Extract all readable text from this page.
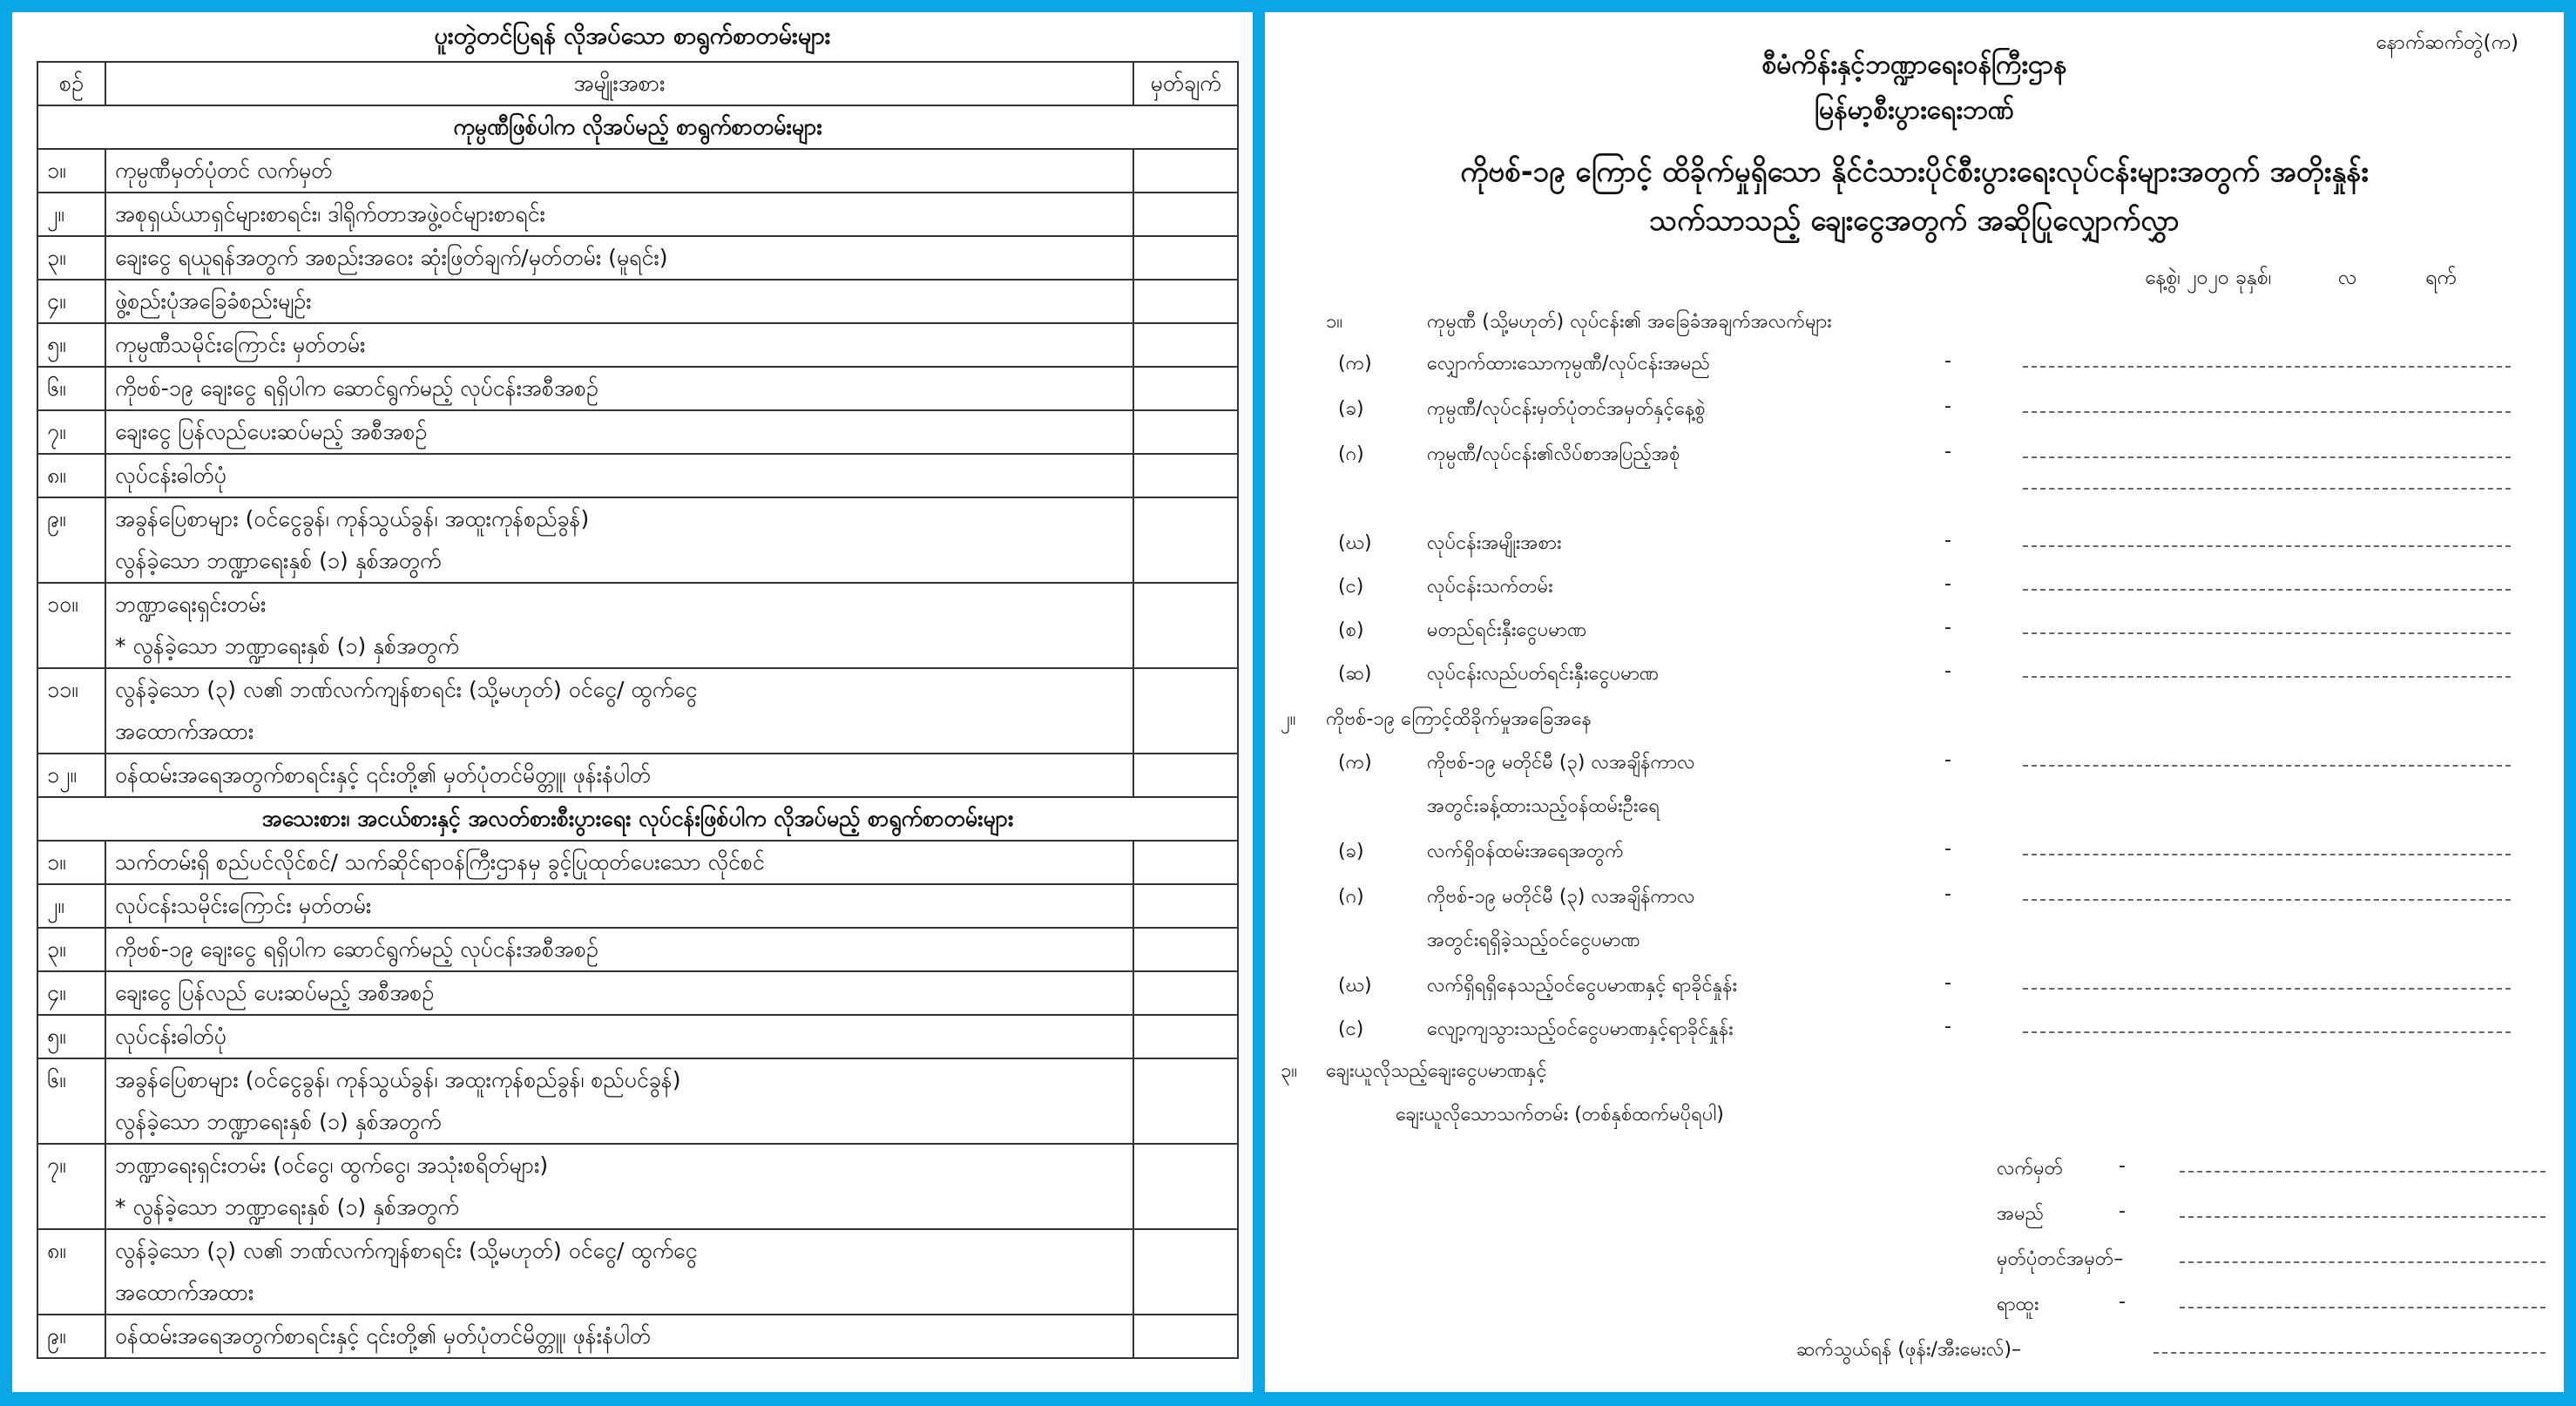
ပူးတွဲတင်ပြရန် လိုအပ်သော စာရွက်စာတမ်းများ
စဉ်	အမျိုးအစား	မှတ်ချက်
ကုမ္ပဏီဖြစ်ပါက လိုအပ်မည့် စာရွက်စာတမ်းများ		
၁။	ကုမ္ပဏီမှတ်ပုံတင် လက်မှတ်	

၂။	အစုရှယ်ယာရှင်များစာရင်း၊ ဒါရိုက်တာအဖွဲ့ဝင်များစာရင်း	

၃။	ချေးငွေ ရယူရန်အတွက် အစည်းအဝေး ဆုံးဖြတ်ချက်/မှတ်တမ်း (မူရင်း)	

၄။	ဖွဲ့စည်းပုံအခြေခံစည်းမျဉ်း	

၅။	ကုမ္ပဏီသမိုင်းကြောင်း မှတ်တမ်း	

၆။	ကိုဗစ်-၁၉ ချေးငွေ ရရှိပါက ဆောင်ရွက်မည့် လုပ်ငန်းအစီအစဉ်	

၇။	ချေးငွေ ပြန်လည်ပေးဆပ်မည့် အစီအစဉ်	

၈။	လုပ်ငန်းဓါတ်ပုံ	

၉။	အခွန်ပြေစာများ (ဝင်ငွေခွန်၊ ကုန်သွယ်ခွန်၊ အထူးကုန်စည်ခွန်)
လွန်ခဲ့သော ဘဏ္ဍာရေးနှစ် (၁) နှစ်အတွက်	

၁၀။	ဘဏ္ဍာရေးရှင်းတမ်း
* လွန်ခဲ့သော ဘဏ္ဍာရေးနှစ် (၁) နှစ်အတွက်	

၁၁။	လွန်ခဲ့သော (၃) လ၏ ဘဏ်လက်ကျန်စာရင်း (သို့မဟုတ်) ဝင်ငွေ/ ထွက်ငွေ
အထောက်အထား	

၁၂။	ဝန်ထမ်းအရေအတွက်စာရင်းနှင့် ၎င်းတို့၏ မှတ်ပုံတင်မိတ္တူ၊ ဖုန်းနံပါတ်	

အသေးစား၊ အငယ်စားနှင့် အလတ်စားစီးပွားရေး လုပ်ငန်းဖြစ်ပါက လိုအပ်မည့် စာရွက်စာတမ်းများ		
၁။	သက်တမ်းရှိ စည်ပင်လိုင်စင်/ သက်ဆိုင်ရာဝန်ကြီးဌာနမှ ခွင့်ပြုထုတ်ပေးသော လိုင်စင်	

၂။	လုပ်ငန်းသမိုင်းကြောင်း မှတ်တမ်း	

၃။	ကိုဗစ်-၁၉ ချေးငွေ ရရှိပါက ဆောင်ရွက်မည့် လုပ်ငန်းအစီအစဉ်	

၄။	ချေးငွေ ပြန်လည် ပေးဆပ်မည့် အစီအစဉ်	

၅။	လုပ်ငန်းဓါတ်ပုံ	

၆။	အခွန်ပြေစာများ (ဝင်ငွေခွန်၊ ကုန်သွယ်ခွန်၊ အထူးကုန်စည်ခွန်၊ စည်ပင်ခွန်)
လွန်ခဲ့သော ဘဏ္ဍာရေးနှစ် (၁) နှစ်အတွက်	

၇။	ဘဏ္ဍာရေးရှင်းတမ်း (ဝင်ငွေ၊ ထွက်ငွေ၊ အသုံးစရိတ်များ)
* လွန်ခဲ့သော ဘဏ္ဍာရေးနှစ် (၁) နှစ်အတွက်	

၈။	လွန်ခဲ့သော (၃) လ၏ ဘဏ်လက်ကျန်စာရင်း (သို့မဟုတ်) ဝင်ငွေ/ ထွက်ငွေ
အထောက်အထား	

၉။	ဝန်ထမ်းအရေအတွက်စာရင်းနှင့် ၎င်းတို့၏ မှတ်ပုံတင်မိတ္တူ၊ ဖုန်းနံပါတ်	

နောက်ဆက်တွဲ(က)
စီမံကိန်းနှင့်ဘဏ္ဍာရေးဝန်ကြီးဌာန
မြန်မာ့စီးပွားရေးဘဏ်
ကိုဗစ်-၁၉ ကြောင့် ထိခိုက်မှုရှိသော နိုင်ငံသားပိုင်စီးပွားရေးလုပ်ငန်းများအတွက် အတိုးနှုန်း
သက်သာသည့် ချေးငွေအတွက် အဆိုပြုလျှောက်လွှာ
နေ့စွဲ၊ ၂၀၂၀ ခုနှစ်၊	လ	ရက်
၁။	ကုမ္ပဏီ (သို့မဟုတ်) လုပ်ငန်း၏ အခြေခံအချက်အလက်များ
(က)	လျှောက်ထားသောကုမ္ပဏီ/လုပ်ငန်းအမည်	-
(ခ)	ကုမ္ပဏီ/လုပ်ငန်းမှတ်ပုံတင်အမှတ်နှင့်နေ့စွဲ	-
(ဂ)	ကုမ္ပဏီ/လုပ်ငန်း၏လိပ်စာအပြည့်အစုံ	-
(ဃ)	လုပ်ငန်းအမျိုးအစား	-
(င)	လုပ်ငန်းသက်တမ်း	-
(စ)	မတည်ရင်းနှီးငွေပမာဏ	-
(ဆ)	လုပ်ငန်းလည်ပတ်ရင်းနှီးငွေပမာဏ	-
၂။ ကိုဗစ်-၁၉ ကြောင့်ထိခိုက်မှုအခြေအနေ
(က)	ကိုဗစ်-၁၉ မတိုင်မီ (၃) လအချိန်ကာလ
အတွင်းခန့်ထားသည့်ဝန်ထမ်းဦးရေ
-
(ခ)	လက်ရှိဝန်ထမ်းအရေအတွက်	-
(ဂ)	ကိုဗစ်-၁၉ မတိုင်မီ (၃) လအချိန်ကာလ
အတွင်းရရှိခဲ့သည့်ဝင်ငွေပမာဏ
-
(ဃ)	လက်ရှိရရှိနေသည့်ဝင်ငွေပမာဏနှင့် ရာခိုင်နှုန်း	-
(င)	လျော့ကျသွားသည့်ဝင်ငွေပမာဏနှင့်ရာခိုင်နှုန်း	-
၃။ ချေးယူလိုသည့်ချေးငွေပမာဏနှင့်
ချေးယူလိုသောသက်တမ်း (တစ်နှစ်ထက်မပိုရပါ)
လက်မှတ်	-
အမည်	-
မှတ်ပုံတင်အမှတ်–
ရာထူး	-
ဆက်သွယ်ရန် (ဖုန်း/အီးမေးလ်)–
